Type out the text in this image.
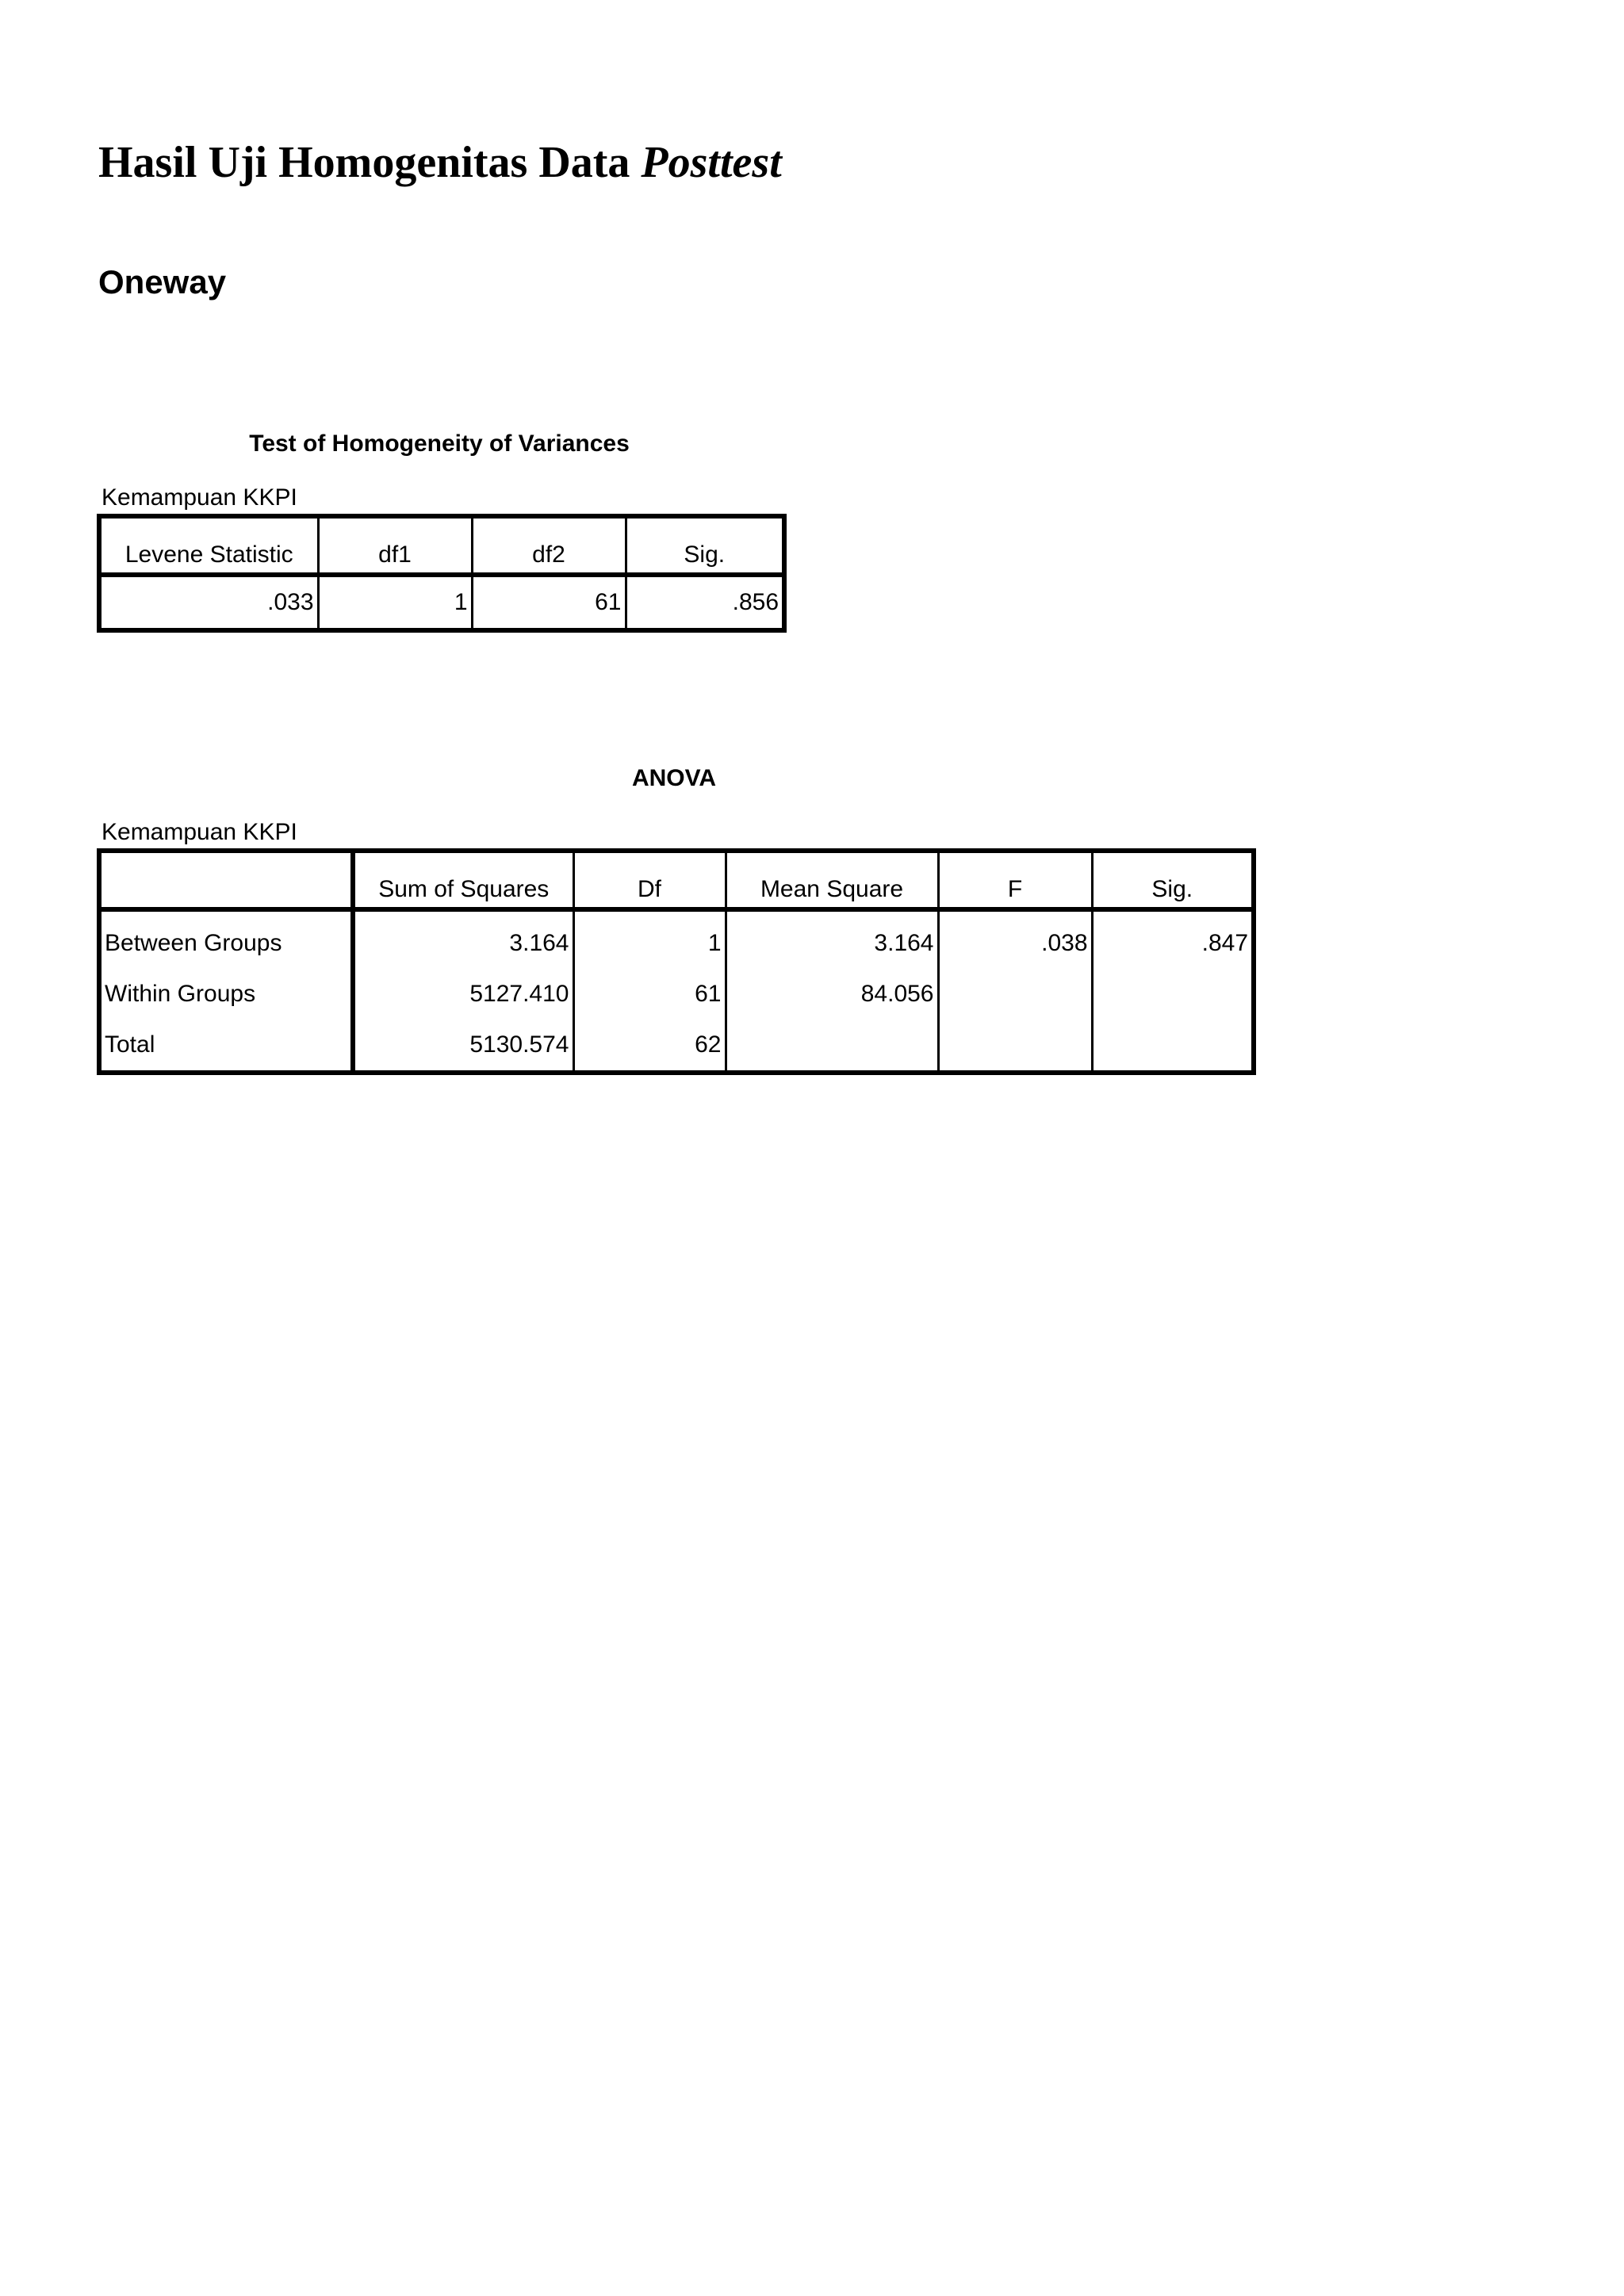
Hasil Uji Homogenitas Data Posttest
Oneway
Test of Homogeneity of Variances
Kemampuan KKPI
Levene Statistic	df1	df2	Sig.
.033	1	61	.856
ANOVA
Kemampuan KKPI
	Sum of Squares	Df	Mean Square	F	Sig.
Between Groups	3.164	1	3.164	.038	.847
Within Groups	5127.410	61	84.056		
Total	5130.574	62			
